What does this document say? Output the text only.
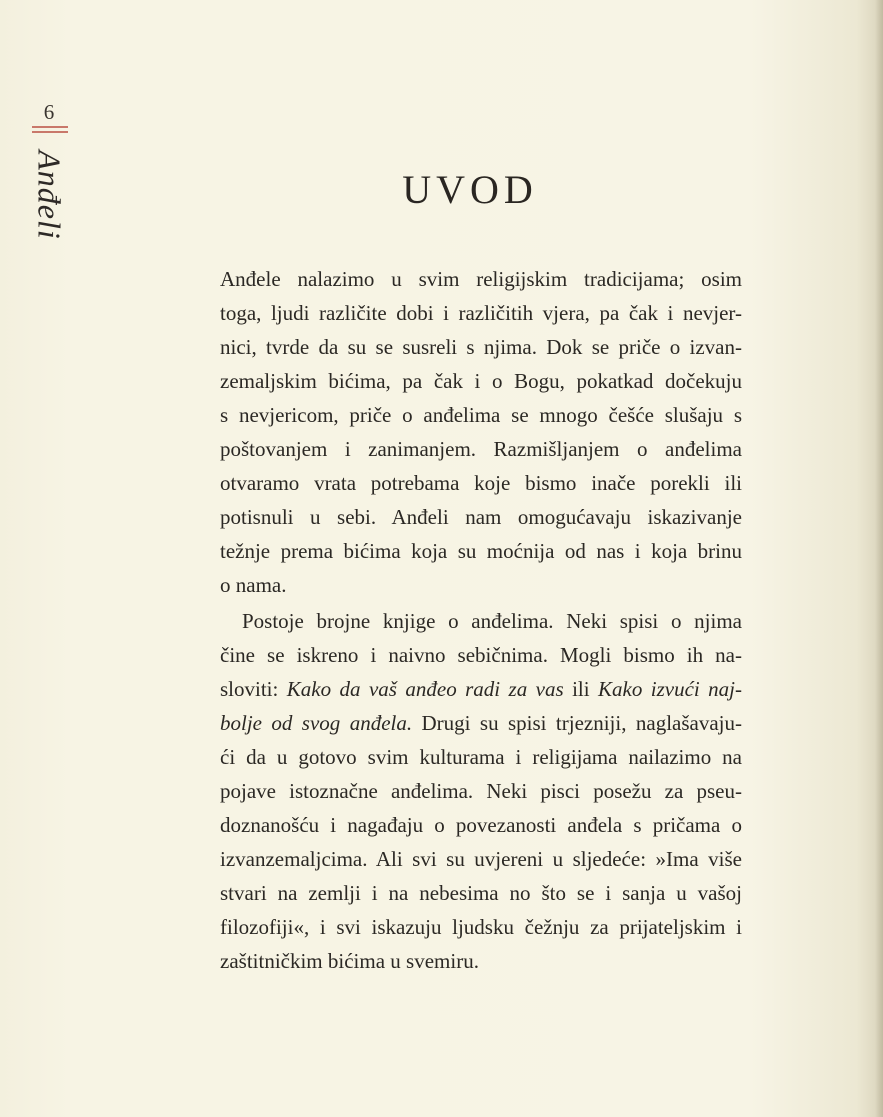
6
Anđeli	UVOD
Anđele nalazimo u svim religijskim tradicijama; osim
toga, ljudi različite dobi i različitih vjera, pa čak i nevjer-
nici, tvrde da su se susreli s njima. Dok se priče o izvan-
zemaljskim bićima, pa čak i o Bogu, pokatkad dočekuju
s nevjericom, priče o anđelima se mnogo češće slušaju s
poštovanjem i zanimanjem. Razmišljanjem o anđelima
otvaramo vrata potrebama koje bismo inače porekli ili
potisnuli u sebi. Anđeli nam omogućavaju iskazivanje
težnje prema bićima koja su moćnija od nas i koja brinu
o nama.
Postoje brojne knjige o anđelima. Neki spisi o njima
čine se iskreno i naivno sebičnima. Mogli bismo ih na-
sloviti: Kako da vaš anđeo radi za vas ili Kako izvući naj-
bolje od svog anđela. Drugi su spisi trjezniji, naglašavaju-
ći da u gotovo svim kulturama i religijama nailazimo na
pojave istoznačne anđelima. Neki pisci posežu za pseu-
doznanošću i nagađaju o povezanosti anđela s pričama o
izvanzemaljcima. Ali svi su uvjereni u sljedeće: »Ima više
stvari na zemlji i na nebesima no što se i sanja u vašoj
filozofiji«, i svi iskazuju ljudsku čežnju za prijateljskim i
zaštitničkim bićima u svemiru.
